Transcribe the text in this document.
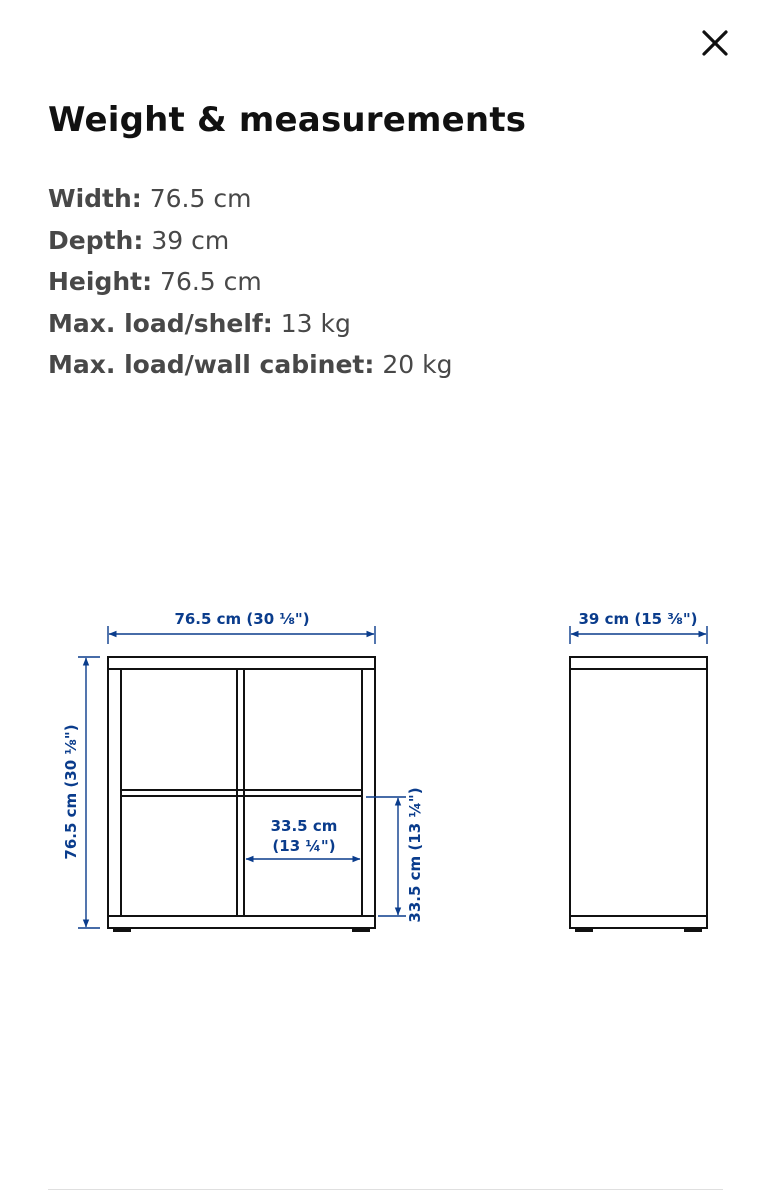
Weight & measurements
Width: 76.5 cm
Depth: 39 cm
Height: 76.5 cm
Max. load/shelf: 13 kg
Max. load/wall cabinet: 20 kg
76.5 cm (30 ⅛")
76.5 cm (30 ⅛")	33.5 cm
(13 ¼")	33.5 cm (13 ¼")
39 cm (15 ⅜")
